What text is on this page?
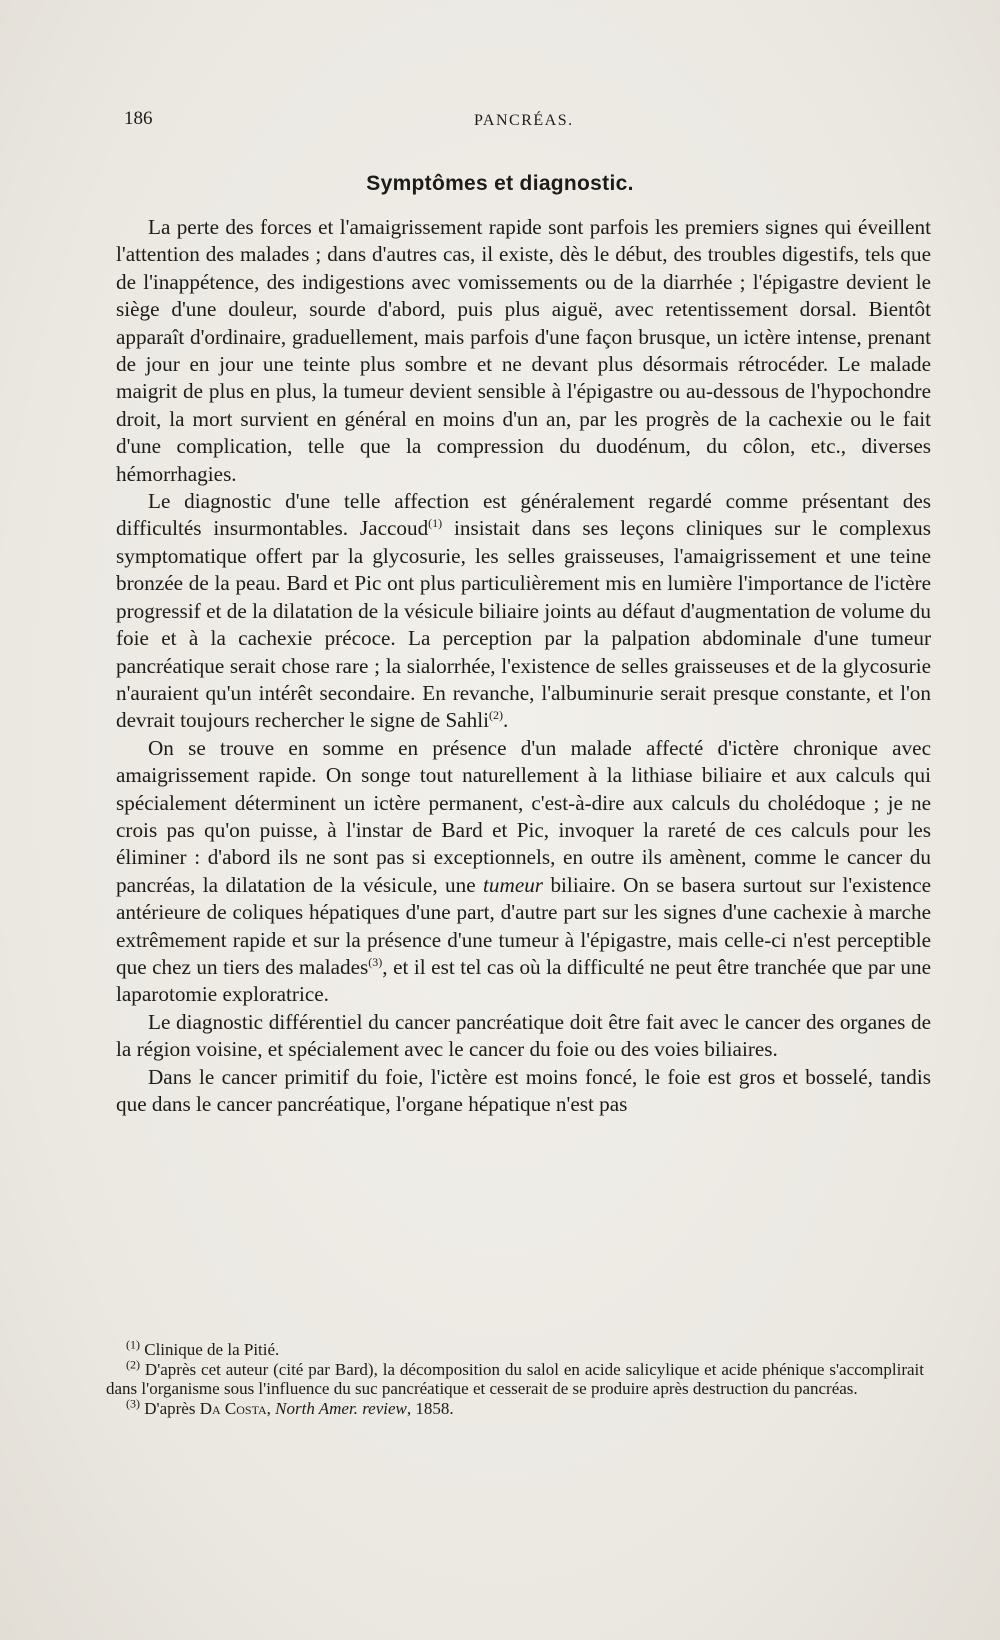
186	PANCRÉAS.
Symptômes et diagnostic.

La perte des forces et l'amaigrissement rapide sont parfois les premiers signes qui éveillent l'attention des malades ; dans d'autres cas, il existe, dès le début, des troubles digestifs, tels que de l'inappétence, des indigestions avec vomissements ou de la diarrhée ; l'épigastre devient le siège d'une douleur, sourde d'abord, puis plus aiguë, avec retentissement dorsal. Bientôt apparaît d'ordinaire, graduellement, mais parfois d'une façon brusque, un ictère intense, prenant de jour en jour une teinte plus sombre et ne devant plus désormais rétrocéder. Le malade maigrit de plus en plus, la tumeur devient sensible à l'épigastre ou au-dessous de l'hypochondre droit, la mort survient en général en moins d'un an, par les progrès de la cachexie ou le fait d'une complication, telle que la compression du duodénum, du côlon, etc., diverses hémorrhagies.

Le diagnostic d'une telle affection est généralement regardé comme présentant des difficultés insurmontables. Jaccoud$^{(1)}$ insistait dans ses leçons cliniques sur le complexus symptomatique offert par la glycosurie, les selles graisseuses, l'amaigrissement et une teine bronzée de la peau. Bard et Pic ont plus particulièrement mis en lumière l'importance de l'ictère progressif et de la dilatation de la vésicule biliaire joints au défaut d'augmentation de volume du foie et à la cachexie précoce. La perception par la palpation abdominale d'une tumeur pancréatique serait chose rare ; la sialorrhée, l'existence de selles graisseuses et de la glycosurie n'auraient qu'un intérêt secondaire. En revanche, l'albuminurie serait presque constante, et l'on devrait toujours rechercher le signe de Sahli$^{(2)}$.

On se trouve en somme en présence d'un malade affecté d'ictère chronique avec amaigrissement rapide. On songe tout naturellement à la lithiase biliaire et aux calculs qui spécialement déterminent un ictère permanent, c'est-à-dire aux calculs du cholédoque ; je ne crois pas qu'on puisse, à l'instar de Bard et Pic, invoquer la rareté de ces calculs pour les éliminer : d'abord ils ne sont pas si exceptionnels, en outre ils amènent, comme le cancer du pancréas, la dilatation de la vésicule, une tumeur biliaire. On se basera surtout sur l'existence antérieure de coliques hépatiques d'une part, d'autre part sur les signes d'une cachexie à marche extrêmement rapide et sur la présence d'une tumeur à l'épigastre, mais celle-ci n'est perceptible que chez un tiers des malades$^{(3)}$, et il est tel cas où la difficulté ne peut être tranchée que par une laparotomie exploratrice.

Le diagnostic différentiel du cancer pancréatique doit être fait avec le cancer des organes de la région voisine, et spécialement avec le cancer du foie ou des voies biliaires.

Dans le cancer primitif du foie, l'ictère est moins foncé, le foie est gros et bosselé, tandis que dans le cancer pancréatique, l'organe hépatique n'est pas

$^{(1)}$ Clinique de la Pitié.

$^{(2)}$ D'après cet auteur (cité par Bard), la décomposition du salol en acide salicylique et acide phénique s'accomplirait dans l'organisme sous l'influence du suc pancréatique et cesserait de se produire après destruction du pancréas.

$^{(3)}$ D'après Da Costa, North Amer. review, 1858.
